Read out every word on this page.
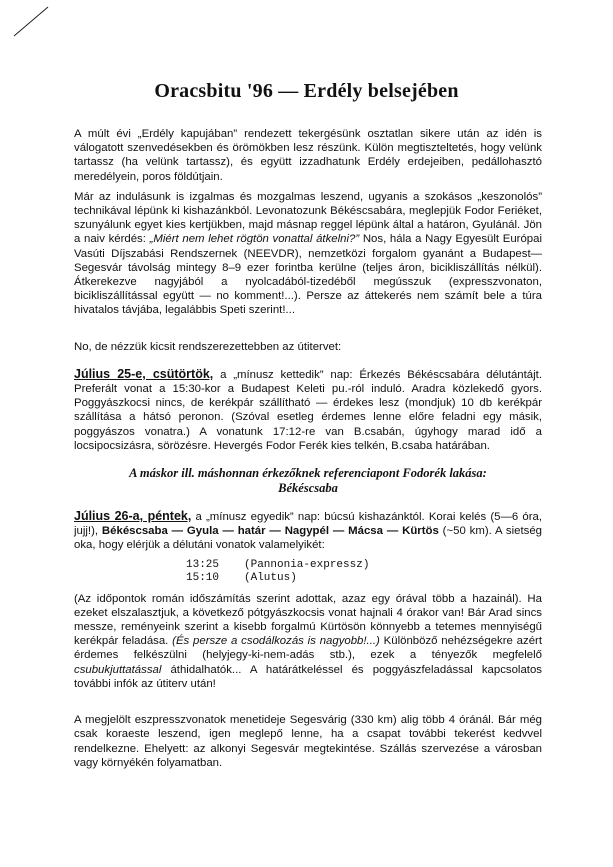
Oracsbitu '96 — Erdély belsejében

A múlt évi „Erdély kapujában” rendezett tekergésünk osztatlan sikere után az idén is válogatott szenvedésekben és örömökben lesz részünk. Külön megtiszteltetés, hogy velünk tartassz (ha velünk tartassz), és együtt izzadhatunk Erdély erdejeiben, pedállohasztó meredélyein, poros földútjain.

Már az indulásunk is izgalmas és mozgalmas leszend, ugyanis a szokásos „keszonolós” technikával lépünk ki kishazánkból. Levonatozunk Békéscsabára, meglepjük Fodor Feriéket, szunyálunk egyet kies kertjükben, majd másnap reggel lépünk által a határon, Gyulánál. Jön a naiv kérdés: „Miért nem lehet rögtön vonattal átkelni?” Nos, hála a Nagy Egyesült Európai Vasúti Díjszabási Rendszernek (NEEVDR), nemzetközi forgalom gyanánt a Budapest—Segesvár távolság mintegy 8–9 ezer forintba kerülne (teljes áron, bicikliszállítás nélkül). Átkerekezve nagyjából a nyolcadából-tizedéből megússzuk (expresszvonaton, bicikliszállítással együtt — no komment!...). Persze az áttekerés nem számít bele a túra hivatalos távjába, legalábbis Speti szerint!...

No, de nézzük kicsit rendszerezettebben az útitervet:

Július 25-e, csütörtök, a „mínusz kettedik” nap: Érkezés Békéscsabára délutántájt. Preferált vonat a 15:30-kor a Budapest Keleti pu.-ról induló. Aradra közlekedő gyors. Poggyászkocsi nincs, de kerékpár szállítható — érdekes lesz (mondjuk) 10 db kerékpár szállítása a hátsó peronon. (Szóval esetleg érdemes lenne előre feladni egy másik, poggyászos vonatra.) A vonatunk 17:12-re van B.csabán, úgyhogy marad idő a locsipocsizásra, sörözésre. Hevergés Fodor Ferék kies telkén, B.csaba határában.

A máskor ill. máshonnan érkezőknek referenciapont Fodorék lakása:

Békéscsaba

Július 26-a, péntek, a „mínusz egyedik” nap: búcsú kishazánktól. Korai kelés (5—6 óra, jujj!), Békéscsaba — Gyula — határ — Nagypél — Mácsa — Kürtös (~50 km). A sietség oka, hogy elérjük a délutáni vonatok valamelyikét:

13:25 (Pannonia-expressz)
15:10 (Alutus)

(Az időpontok román időszámítás szerint adottak, azaz egy órával több a hazainál). Ha ezeket elszalasztjuk, a következő pótgyászkocsis vonat hajnali 4 órakor van! Bár Arad sincs messze, reményeink szerint a kisebb forgalmú Kürtösön könnyebb a tetemes mennyiségű kerékpár feladása. (És persze a csodálkozás is nagyobb!...) Különböző nehézségekre azért érdemes felkészülni (helyjegy-ki-nem-adás stb.), ezek a tényezők megfelelő csubukjuttatással áthidalhatók... A határátkeléssel és poggyászfeladással kapcsolatos további infók az útiterv után!

A megjelölt eszpresszvonatok menetideje Segesvárig (330 km) alig több 4 óránál. Bár még csak koraeste leszend, igen meglepő lenne, ha a csapat további tekerést kedvvel rendelkezne. Ehelyett: az alkonyi Segesvár megtekintése. Szállás szervezése a városban vagy környékén folyamatban.
